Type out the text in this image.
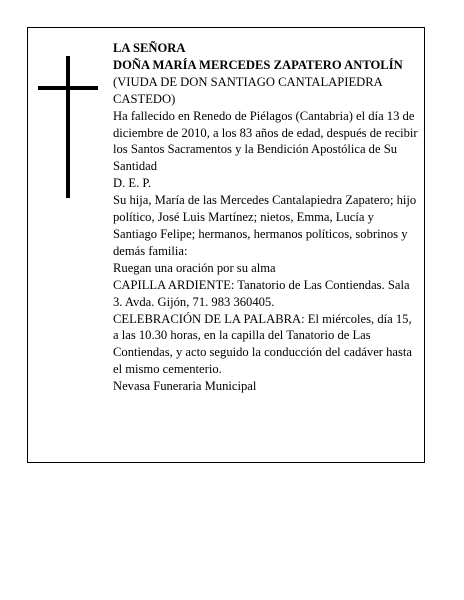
LA SEÑORA

DOÑA MARÍA MERCEDES ZAPATERO ANTOLÍN

(VIUDA DE DON SANTIAGO CANTALAPIEDRA CASTEDO)

Ha fallecido en Renedo de Piélagos (Cantabria) el día 13 de diciembre de 2010, a los 83 años de edad, después de recibir los Santos Sacramentos y la Bendición Apostólica de Su Santidad

D. E. P.

Su hija, María de las Mercedes Cantalapiedra Zapatero; hijo político, José Luis Martínez; nietos, Emma, Lucía y Santiago Felipe; hermanos, hermanos políticos, sobrinos y demás familia:

Ruegan una oración por su alma

CAPILLA ARDIENTE: Tanatorio de Las Contiendas. Sala 3. Avda. Gijón, 71. 983 360405.

CELEBRACIÓN DE LA PALABRA: El miércoles, día 15, a las 10.30 horas, en la capilla del Tanatorio de Las Contiendas, y acto seguido la conducción del cadáver hasta el mismo cementerio.

Nevasa Funeraria Municipal
